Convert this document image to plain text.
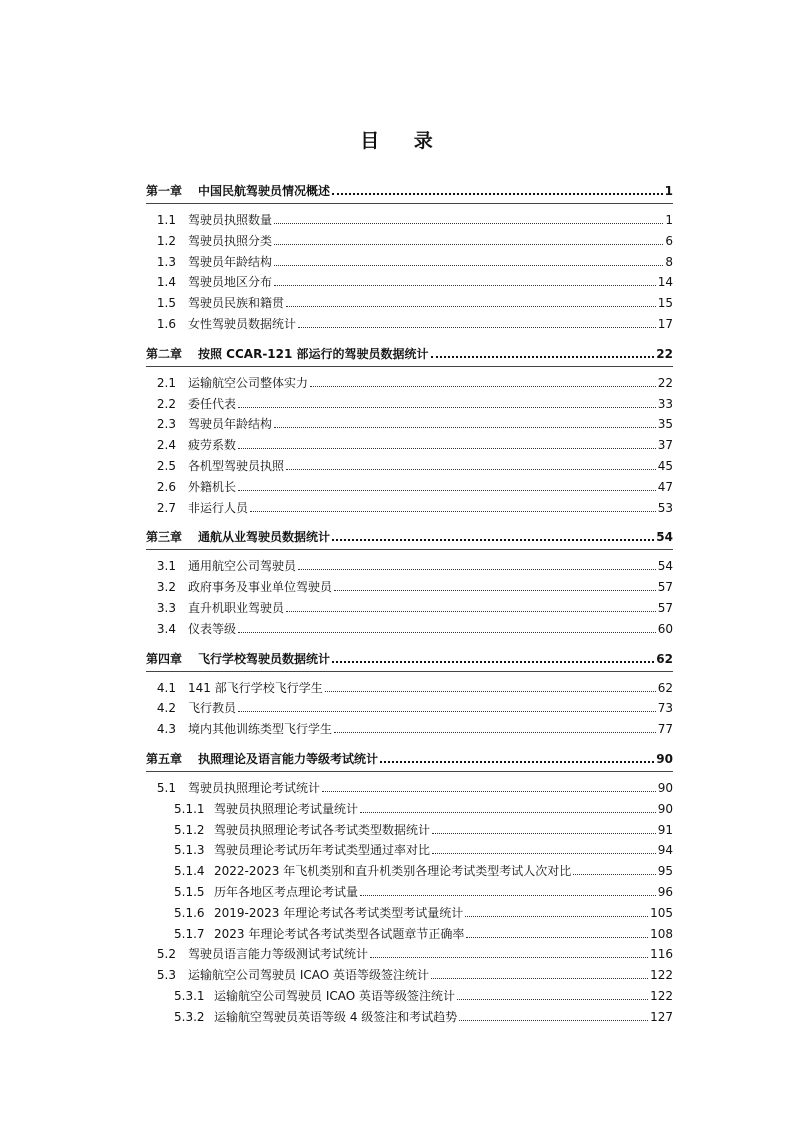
目 录
第一章	中国民航驾驶员情况概述	1
1.1 驾驶员执照数量	1
1.2 驾驶员执照分类	6
1.3 驾驶员年龄结构	8
1.4 驾驶员地区分布	14
1.5 驾驶员民族和籍贯	15
1.6 女性驾驶员数据统计	17
第二章	按照 CCAR-121 部运行的驾驶员数据统计	22
2.1 运输航空公司整体实力	22
2.2 委任代表	33
2.3 驾驶员年龄结构	35
2.4 疲劳系数	37
2.5 各机型驾驶员执照	45
2.6 外籍机长	47
2.7 非运行人员	53
第三章	通航从业驾驶员数据统计	54
3.1 通用航空公司驾驶员	54
3.2 政府事务及事业单位驾驶员	57
3.3 直升机职业驾驶员	57
3.4 仪表等级	60
第四章	飞行学校驾驶员数据统计	62
4.1 141 部飞行学校飞行学生	62
4.2 飞行教员	73
4.3 境内其他训练类型飞行学生	77
第五章	执照理论及语言能力等级考试统计	90
5.1 驾驶员执照理论考试统计	90
5.1.1 驾驶员执照理论考试量统计	90
5.1.2 驾驶员执照理论考试各考试类型数据统计	91
5.1.3 驾驶员理论考试历年考试类型通过率对比	94
5.1.4 2022-2023 年飞机类别和直升机类别各理论考试类型考试人次对比	95
5.1.5 历年各地区考点理论考试量	96
5.1.6 2019-2023 年理论考试各考试类型考试量统计	105
5.1.7 2023 年理论考试各考试类型各试题章节正确率	108
5.2 驾驶员语言能力等级测试考试统计	116
5.3 运输航空公司驾驶员 ICAO 英语等级签注统计	122
5.3.1 运输航空公司驾驶员 ICAO 英语等级签注统计	122
5.3.2 运输航空驾驶员英语等级 4 级签注和考试趋势	127
